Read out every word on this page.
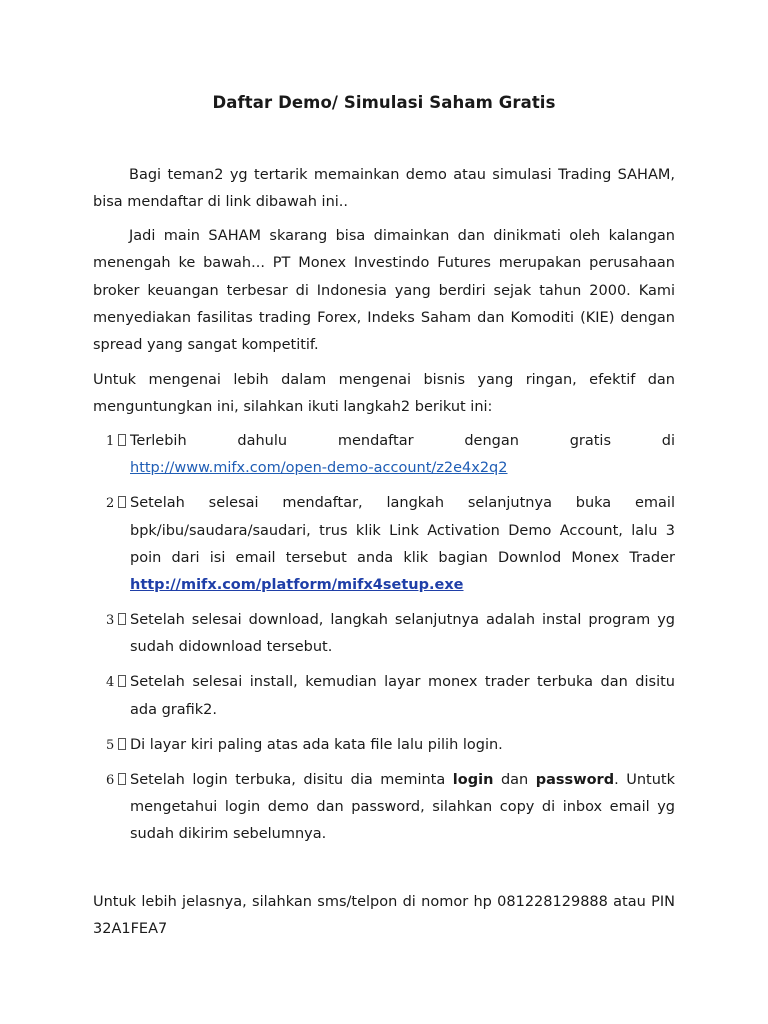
Daftar Demo/ Simulasi Saham Gratis

Bagi teman2 yg tertarik memainkan demo atau simulasi Trading SAHAM, bisa mendaftar di link dibawah ini..

Jadi main SAHAM skarang bisa dimainkan dan dinikmati oleh kalangan menengah ke bawah... PT Monex Investindo Futures merupakan perusahaan broker keuangan terbesar di Indonesia yang berdiri sejak tahun 2000. Kami menyediakan fasilitas trading Forex, Indeks Saham dan Komoditi (KIE) dengan spread yang sangat kompetitif.

Untuk mengenai lebih dalam mengenai bisnis yang ringan, efektif dan menguntungkan ini, silahkan ikuti langkah2 berikut ini:

1	Terlebih	dahulu	mendaftar	dengan	gratis	di
http://www.mifx.com/open-demo-account/z2e4x2q2
2	Setelah selesai mendaftar, langkah selanjutnya buka email bpk/ibu/saudara/saudari, trus klik Link Activation Demo Account, lalu 3 poin dari isi email tersebut anda klik bagian Downlod Monex Trader http://mifx.com/platform/mifx4setup.exe
3	Setelah selesai download, langkah selanjutnya adalah instal program yg sudah didownload tersebut.
4	Setelah selesai install, kemudian layar monex trader terbuka dan disitu ada grafik2.
5	Di layar kiri paling atas ada kata file lalu pilih login.
6	Setelah login terbuka, disitu dia meminta login dan password. Untutk mengetahui login demo dan password, silahkan copy di inbox email yg sudah dikirim sebelumnya.

Untuk lebih jelasnya, silahkan sms/telpon di nomor hp 081228129888 atau PIN 32A1FEA7
